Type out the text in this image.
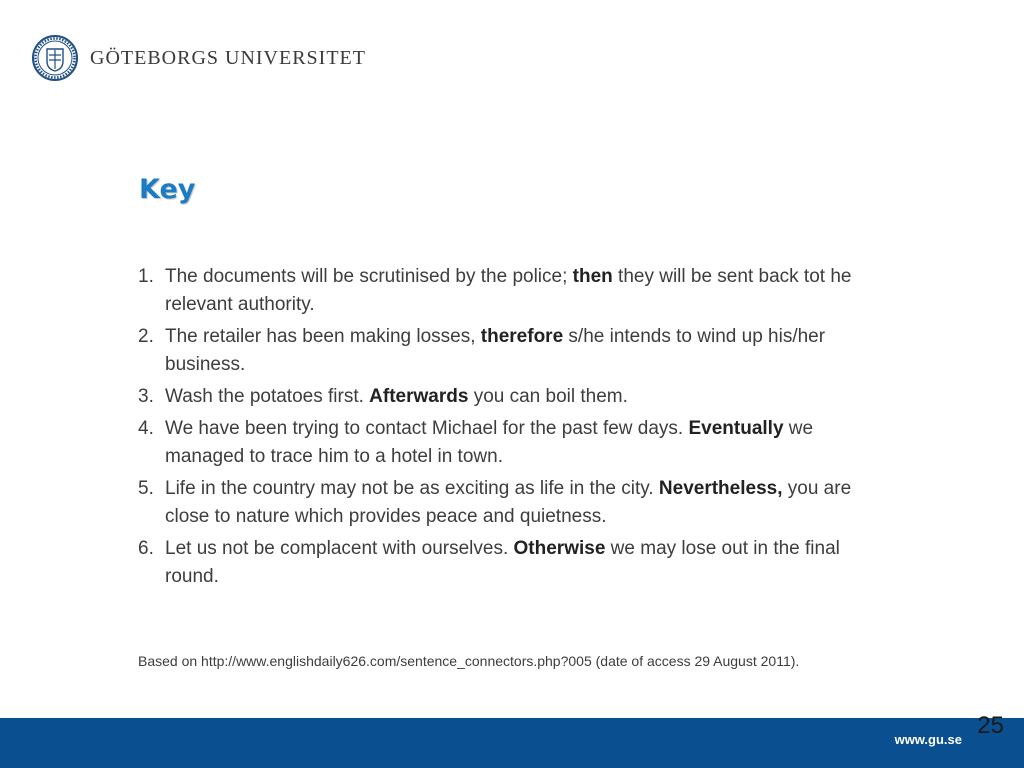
GÖTEBORGS UNIVERSITET
Key
1. The documents will be scrutinised by the police; then they will be sent back tot he relevant authority.
2. The retailer has been making losses, therefore s/he intends to wind up his/her business.
3. Wash the potatoes first. Afterwards you can boil them.
4. We have been trying to contact Michael for the past few days. Eventually we managed to trace him to a hotel in town.
5. Life in the country may not be as exciting as life in the city. Nevertheless, you are close to nature which provides peace and quietness.
6. Let us not be complacent with ourselves. Otherwise we may lose out in the final round.

Based on http://www.englishdaily626.com/sentence_connectors.php?005 (date of access 29 August 2011).

25
www.gu.se
